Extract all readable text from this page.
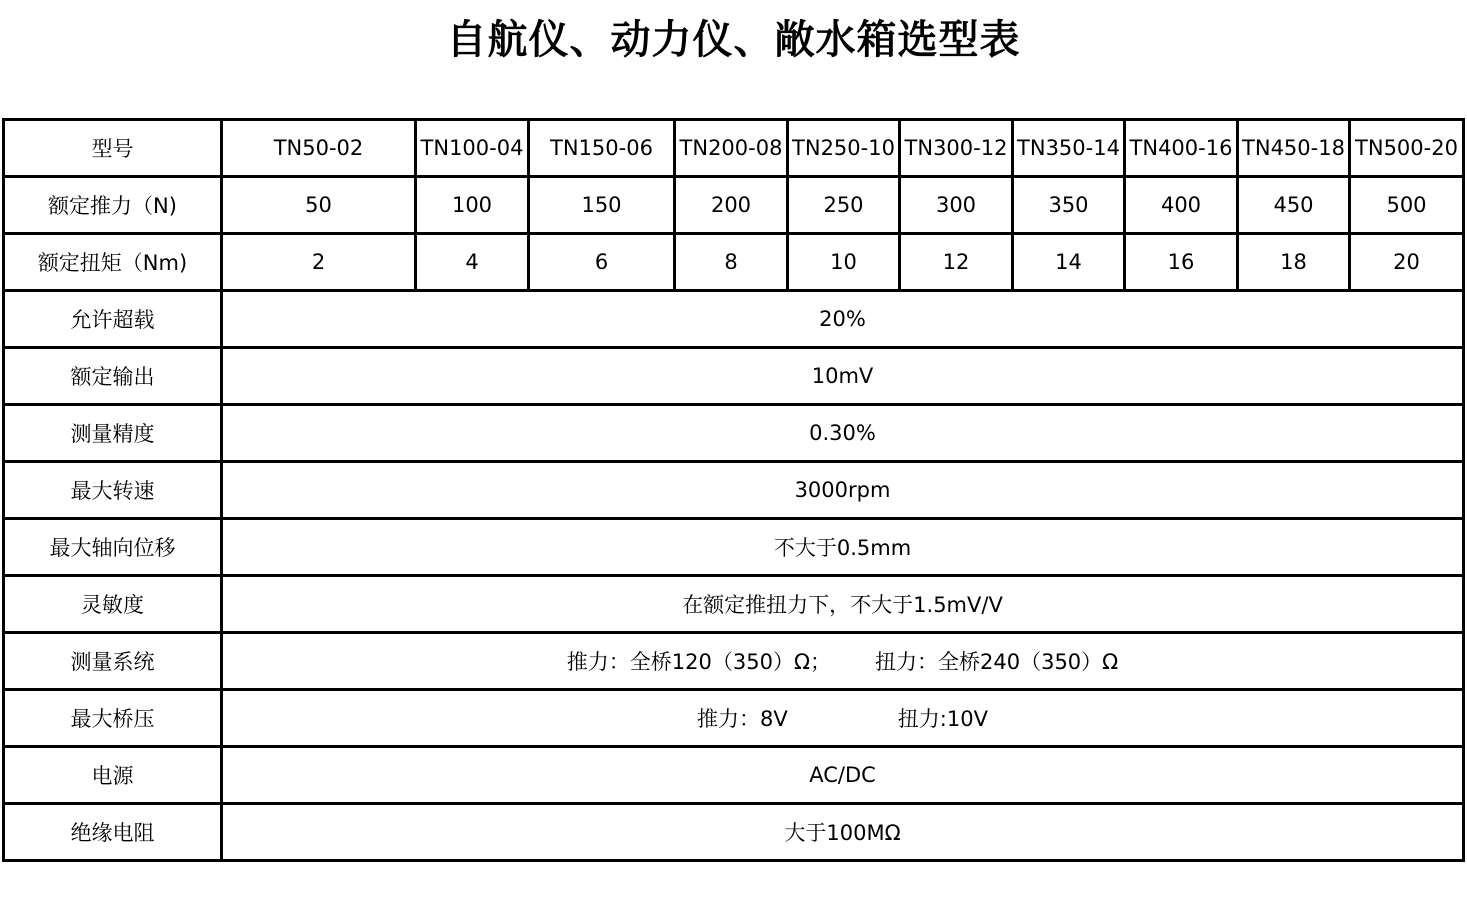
自航仪、动力仪、敞水箱选型表
型号	TN50-02	TN100-04	TN150-06	TN200-08	TN250-10	TN300-12	TN350-14	TN400-16	TN450-18	TN500-20
额定推力（N)	50	100	150	200	250	300	350	400	450	500
额定扭矩（Nm)	2	4	6	8	10	12	14	16	18	20
允许超载	20%									
额定输出	10mV									
测量精度	0.30%									
最大转速	3000rpm									
最大轴向位移	不大于0.5mm									
灵敏度	在额定推扭力下，不大于1.5mV/V									
测量系统	推力：全桥120（350）Ω； 扭力：全桥240（350）Ω									
最大桥压	推力：8V 扭力:10V									
电源	AC/DC									
绝缘电阻	大于100MΩ									
